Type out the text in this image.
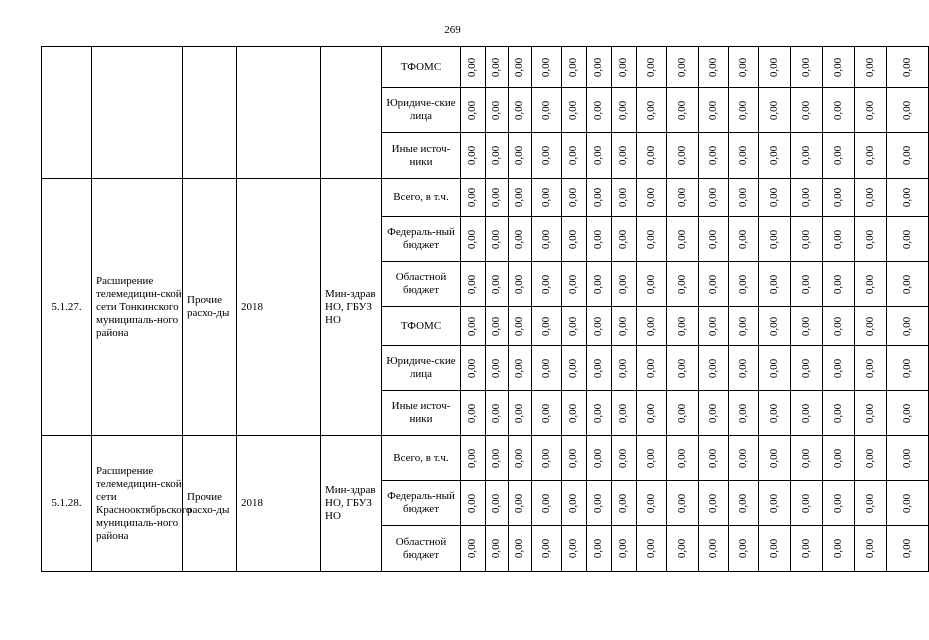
269
					ТФОМС	0,00	0,00	0,00	0,00	0,00	0,00	0,00	0,00	0,00	0,00	0,00	0,00	0,00	0,00	0,00	0,00
					Юридиче-ские лица	0,00	0,00	0,00	0,00	0,00	0,00	0,00	0,00	0,00	0,00	0,00	0,00	0,00	0,00	0,00	0,00
					Иные источ-ники	0,00	0,00	0,00	0,00	0,00	0,00	0,00	0,00	0,00	0,00	0,00	0,00	0,00	0,00	0,00	0,00
5.1.27.	Расширение телемедицин-ской сети Тонкинского муниципаль-ного района	Прочие расхо-ды	2018	Мин-здрав НО, ГБУЗ НО	Всего, в т.ч.	0,00	0,00	0,00	0,00	0,00	0,00	0,00	0,00	0,00	0,00	0,00	0,00	0,00	0,00	0,00	0,00
					Федераль-ный бюджет	0,00	0,00	0,00	0,00	0,00	0,00	0,00	0,00	0,00	0,00	0,00	0,00	0,00	0,00	0,00	0,00
					Областной бюджет	0,00	0,00	0,00	0,00	0,00	0,00	0,00	0,00	0,00	0,00	0,00	0,00	0,00	0,00	0,00	0,00
					ТФОМС	0,00	0,00	0,00	0,00	0,00	0,00	0,00	0,00	0,00	0,00	0,00	0,00	0,00	0,00	0,00	0,00
					Юридиче-ские лица	0,00	0,00	0,00	0,00	0,00	0,00	0,00	0,00	0,00	0,00	0,00	0,00	0,00	0,00	0,00	0,00
					Иные источ-ники	0,00	0,00	0,00	0,00	0,00	0,00	0,00	0,00	0,00	0,00	0,00	0,00	0,00	0,00	0,00	0,00
5.1.28.	Расширение телемедицин-ской сети Краснооктябрьского муниципаль-ного района	Прочие расхо-ды	2018	Мин-здрав НО, ГБУЗ НО	Всего, в т.ч.	0,00	0,00	0,00	0,00	0,00	0,00	0,00	0,00	0,00	0,00	0,00	0,00	0,00	0,00	0,00	0,00
					Федераль-ный бюджет	0,00	0,00	0,00	0,00	0,00	0,00	0,00	0,00	0,00	0,00	0,00	0,00	0,00	0,00	0,00	0,00
					Областной бюджет	0,00	0,00	0,00	0,00	0,00	0,00	0,00	0,00	0,00	0,00	0,00	0,00	0,00	0,00	0,00	0,00
